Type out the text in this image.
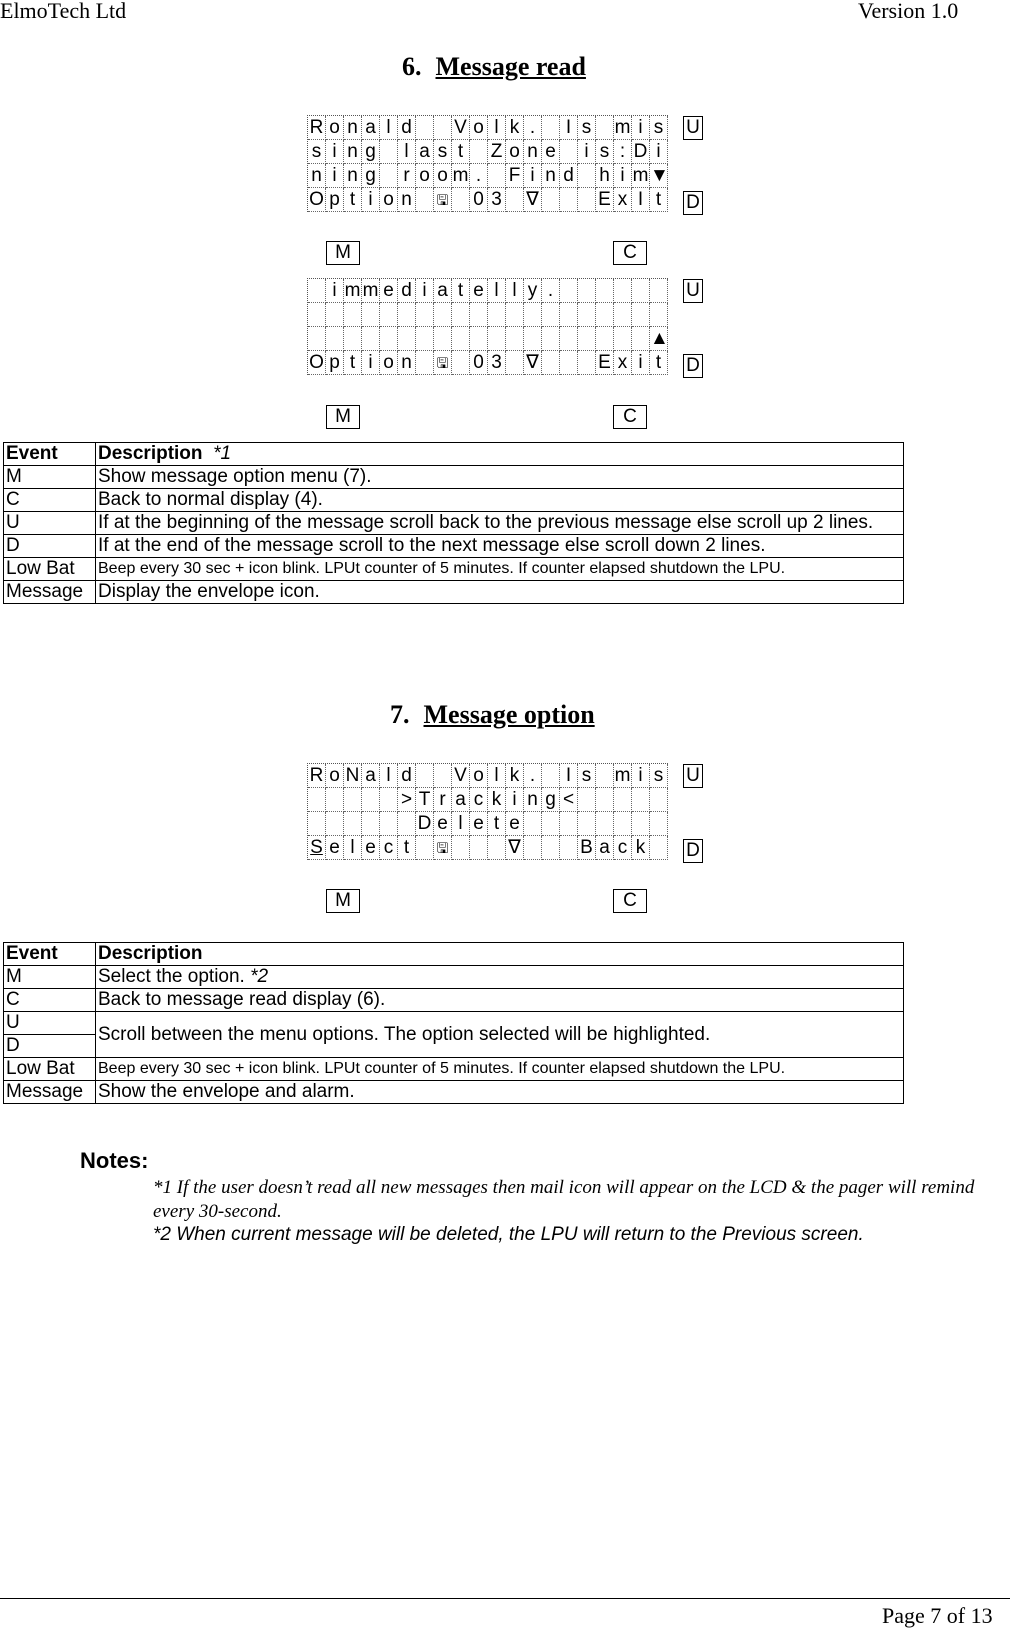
ElmoTech Ltd	Version 1.0
6. Message read
R o n a l d

V o l k .
	I s
m i s
s i n g
	l a s t
	Z o n e
	i s : D i
n i n g
r o o m .
	F i n d
h i m ▼
O p t i o n
	🖫
0 3
∇

	E x I t
U
D
M	C

i m m e d i a t e l l y .

▲
O p t i o n
	🖫
0 3
∇

	E x i t
U
D
M	C
Event	Description *1
M	Show message option menu (7).
C	Back to normal display (4).
U	If at the beginning of the message scroll back to the previous message else scroll up 2 lines.
D	If at the end of the message scroll to the next message else scroll down 2 lines.
Low Bat	Beep every 30 sec + icon blink. LPUt counter of 5 minutes. If counter elapsed shutdown the LPU.
Message	Display the envelope icon.
7. Message option
R o N a l d

V o l k .
	I s
m i s

> T r a c k i n g <

D e l e t e

S e l e c t
	🖫

	∇

	B a c k

U
D
M	C
Event	Description
M	Select the option. *2
C	Back to message read display (6).
U	Scroll between the menu options. The option selected will be highlighted.
D	
Low Bat	Beep every 30 sec + icon blink. LPUt counter of 5 minutes. If counter elapsed shutdown the LPU.
Message	Show the envelope and alarm.
Notes:
*1 If the user doesn’t read all new messages then mail icon will appear on the LCD & the pager will remind every 30-second.
*2 When current message will be deleted, the LPU will return to the Previous screen.
Page 7 of 13
